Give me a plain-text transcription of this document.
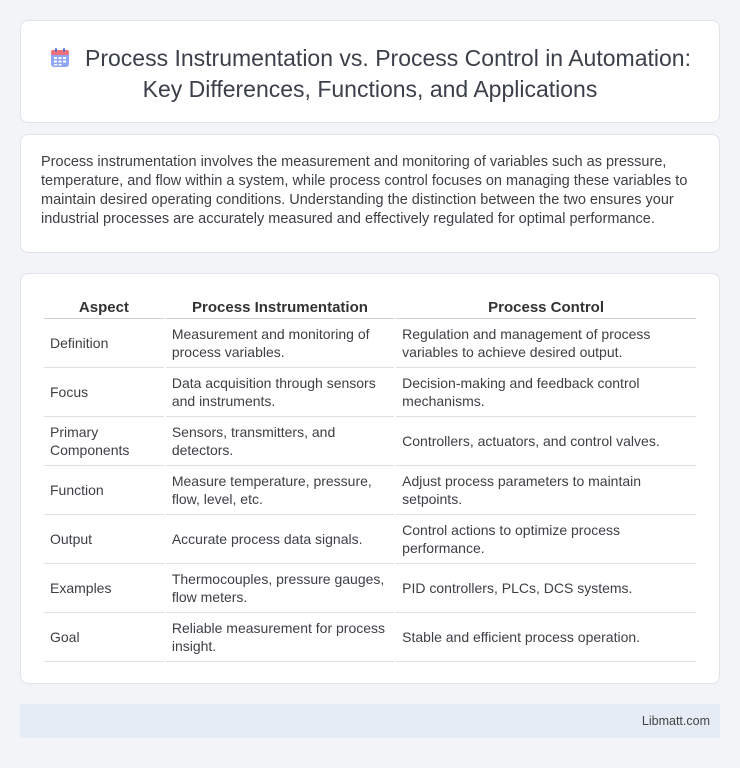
Process Instrumentation vs. Process Control in Automation: Key Differences, Functions, and Applications

Process instrumentation involves the measurement and monitoring of variables such as pressure, temperature, and flow within a system, while process control focuses on managing these variables to maintain desired operating conditions. Understanding the distinction between the two ensures your industrial processes are accurately measured and effectively regulated for optimal performance.

Aspect	Process Instrumentation	Process Control
Definition	Measurement and monitoring of process variables.	Regulation and management of process variables to achieve desired output.
Focus	Data acquisition through sensors and instruments.	Decision-making and feedback control mechanisms.
Primary Components	Sensors, transmitters, and detectors.	Controllers, actuators, and control valves.
Function	Measure temperature, pressure, flow, level, etc.	Adjust process parameters to maintain setpoints.
Output	Accurate process data signals.	Control actions to optimize process performance.
Examples	Thermocouples, pressure gauges, flow meters.	PID controllers, PLCs, DCS systems.
Goal	Reliable measurement for process insight.	Stable and efficient process operation.
Libmatt.com
